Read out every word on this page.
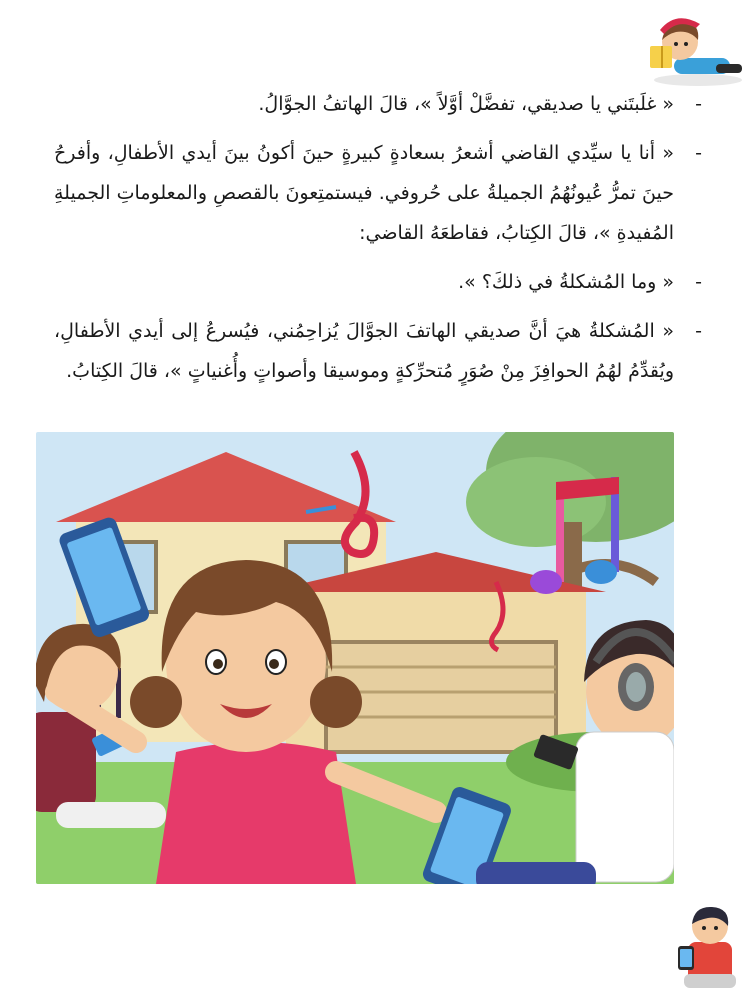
-
« غلَبتَني يا صديقي، تفضَّلْ أوَّلاً »، قالَ الهاتفُ الجوَّالُ.

-
« أنا يا سيِّدي القاضي أشعرُ بسعادةٍ كبيرةٍ حينَ أكونُ بينَ أيدي الأطفالِ، وأفرحُ حينَ تمرُّ عُيونُهُمُ الجميلةُ على حُروفي. فيستمتِعونَ بالقصصِ والمعلوماتِ الجميلةِ المُفيدةِ »، قالَ الكِتابُ، فقاطعَهُ القاضي:

-
« وما المُشكلةُ في ذلكَ؟ ».

-
« المُشكلةُ هيَ أنَّ صديقي الهاتفَ الجوَّالَ يُزاحِمُني، فيُسرعُ إلى أيدي الأطفالِ، ويُقدِّمُ لهُمُ الحوافِزَ مِنْ صُوَرٍ مُتحرِّكةٍ وموسيقا وأصواتٍ وأُغنياتٍ »، قالَ الكِتابُ.
